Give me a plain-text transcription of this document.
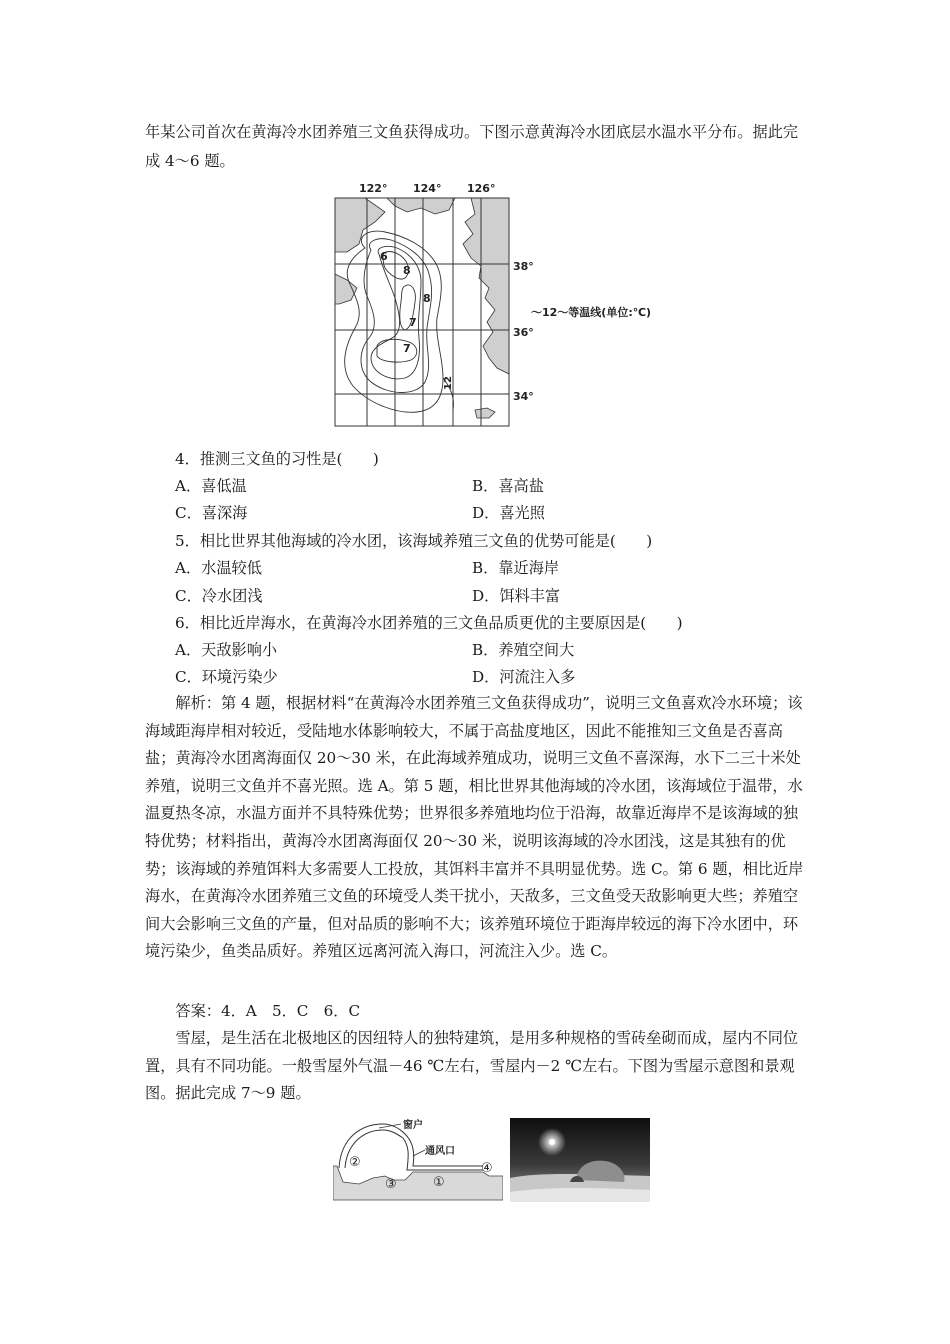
年某公司首次在黄海冷水团养殖三文鱼获得成功。下图示意黄海冷水团底层水温水平分布。据此完成 4～6 题。

6
8
8
7
7
12
122° 124° 126°
38°
36°
34°
～12～等温线(单位:℃)
4．推测三文鱼的习性是(　　)
A．喜低温	B．喜高盐
C．喜深海	D．喜光照
5．相比世界其他海域的冷水团，该海域养殖三文鱼的优势可能是(　　)
A．水温较低	B．靠近海岸
C．冷水团浅	D．饵料丰富
6．相比近岸海水，在黄海冷水团养殖的三文鱼品质更优的主要原因是(　　)
A．天敌影响小	B．养殖空间大
C．环境污染少	D．河流注入多

解析：第 4 题，根据材料“在黄海冷水团养殖三文鱼获得成功”，说明三文鱼喜欢冷水环境；该海域距海岸相对较近，受陆地水体影响较大，不属于高盐度地区，因此不能推知三文鱼是否喜高盐；黄海冷水团离海面仅 20～30 米，在此海域养殖成功，说明三文鱼不喜深海，水下二三十米处养殖，说明三文鱼并不喜光照。选 A。第 5 题，相比世界其他海域的冷水团，该海域位于温带，水温夏热冬凉，水温方面并不具特殊优势；世界很多养殖地均位于沿海，故靠近海岸不是该海域的独特优势；材料指出，黄海冷水团离海面仅 20～30 米，说明该海域的冷水团浅，这是其独有的优势；该海域的养殖饵料大多需要人工投放，其饵料丰富并不具明显优势。选 C。第 6 题，相比近岸海水，在黄海冷水团养殖三文鱼的环境受人类干扰小，天敌多，三文鱼受天敌影响更大些；养殖空间大会影响三文鱼的产量，但对品质的影响不大；该养殖环境位于距海岸较远的海下冷水团中，环境污染少，鱼类品质好。养殖区远离河流入海口，河流注入少。选 C。

答案：4．A　5．C　6．C

雪屋，是生活在北极地区的因纽特人的独特建筑，是用多种规格的雪砖垒砌而成，屋内不同位置，具有不同功能。一般雪屋外气温－46 ℃左右，雪屋内－2 ℃左右。下图为雪屋示意图和景观图。据此完成 7～9 题。

窗户
通风口
②
③	①
④
